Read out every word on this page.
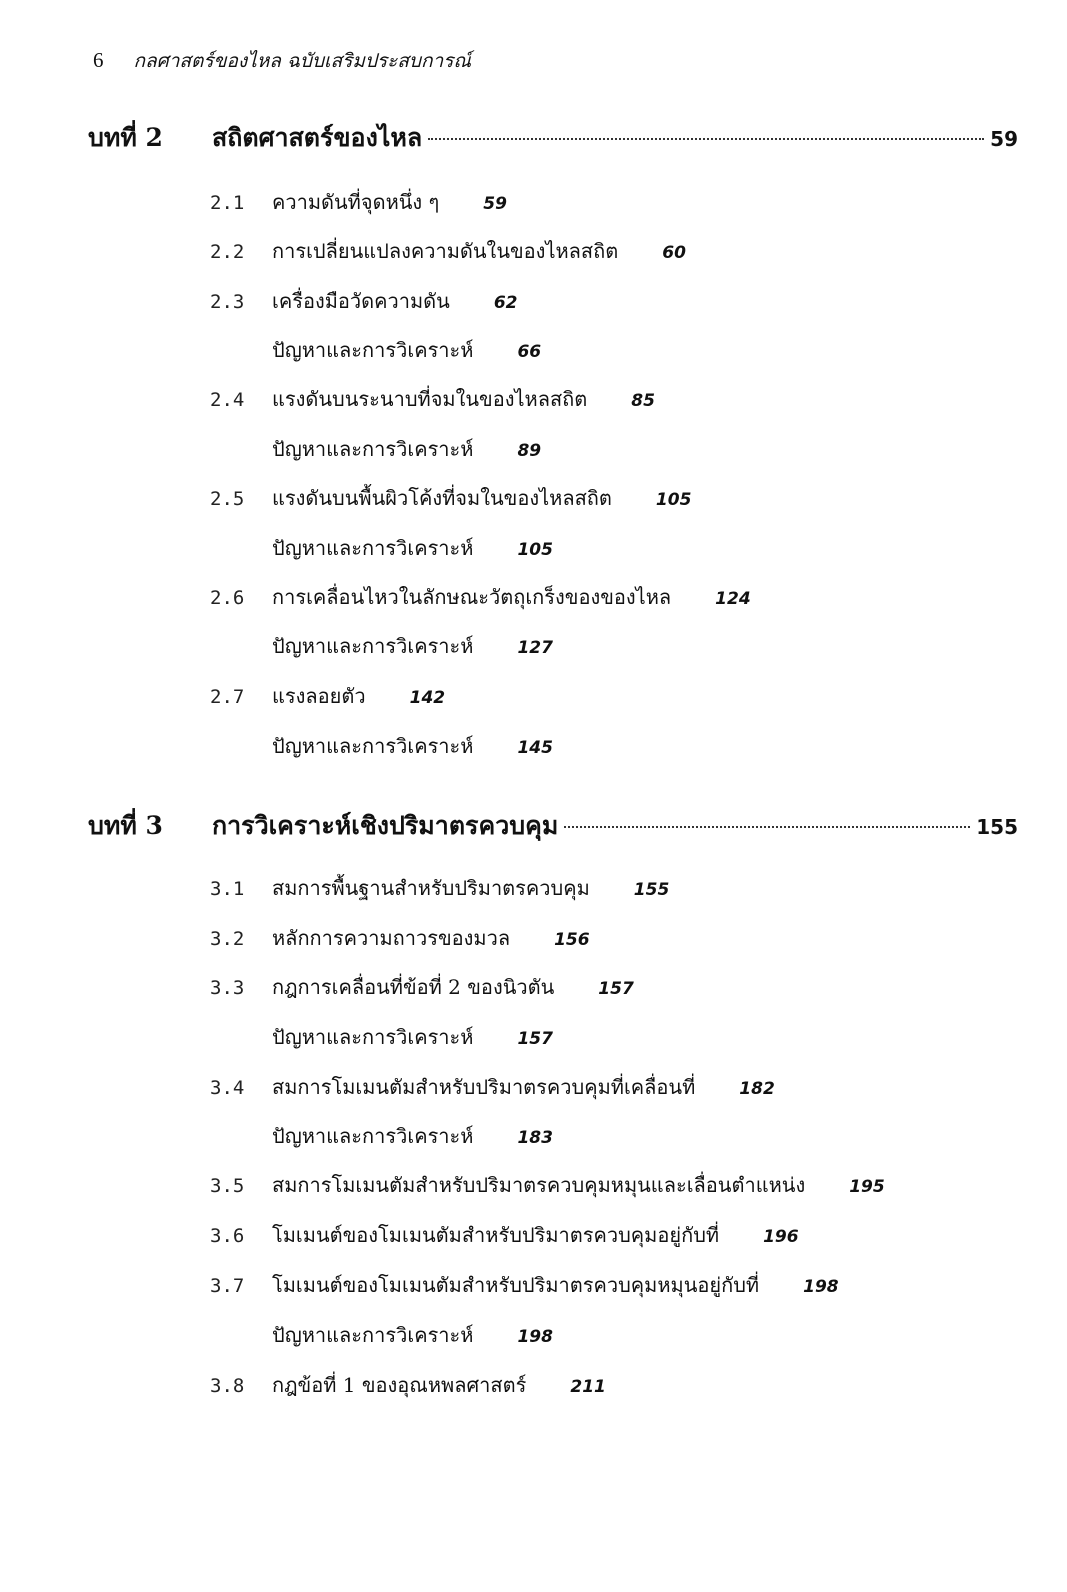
6 กลศาสตร์ของไหล ฉบับเสริมประสบการณ์
บทที่ 2	สถิตศาสตร์ของไหล	59
2.1	ความดันที่จุดหนึ่ง ๆ	59
2.2	การเปลี่ยนแปลงความดันในของไหลสถิต	60
2.3	เครื่องมือวัดความดัน	62
ปัญหาและการวิเคราะห์	66
2.4	แรงดันบนระนาบที่จมในของไหลสถิต	85
ปัญหาและการวิเคราะห์	89
2.5	แรงดันบนพื้นผิวโค้งที่จมในของไหลสถิต	105
ปัญหาและการวิเคราะห์	105
2.6	การเคลื่อนไหวในลักษณะวัตถุเกร็งของของไหล	124
ปัญหาและการวิเคราะห์	127
2.7	แรงลอยตัว	142
ปัญหาและการวิเคราะห์	145
บทที่ 3	การวิเคราะห์เชิงปริมาตรควบคุม	155
3.1	สมการพื้นฐานสำหรับปริมาตรควบคุม	155
3.2	หลักการความถาวรของมวล	156
3.3	กฎการเคลื่อนที่ข้อที่ 2 ของนิวตัน	157
ปัญหาและการวิเคราะห์	157
3.4	สมการโมเมนตัมสำหรับปริมาตรควบคุมที่เคลื่อนที่	182
ปัญหาและการวิเคราะห์	183
3.5	สมการโมเมนตัมสำหรับปริมาตรควบคุมหมุนและเลื่อนตำแหน่ง	195
3.6	โมเมนต์ของโมเมนตัมสำหรับปริมาตรควบคุมอยู่กับที่	196
3.7	โมเมนต์ของโมเมนตัมสำหรับปริมาตรควบคุมหมุนอยู่กับที่	198
ปัญหาและการวิเคราะห์	198
3.8	กฎข้อที่ 1 ของอุณหพลศาสตร์	211
